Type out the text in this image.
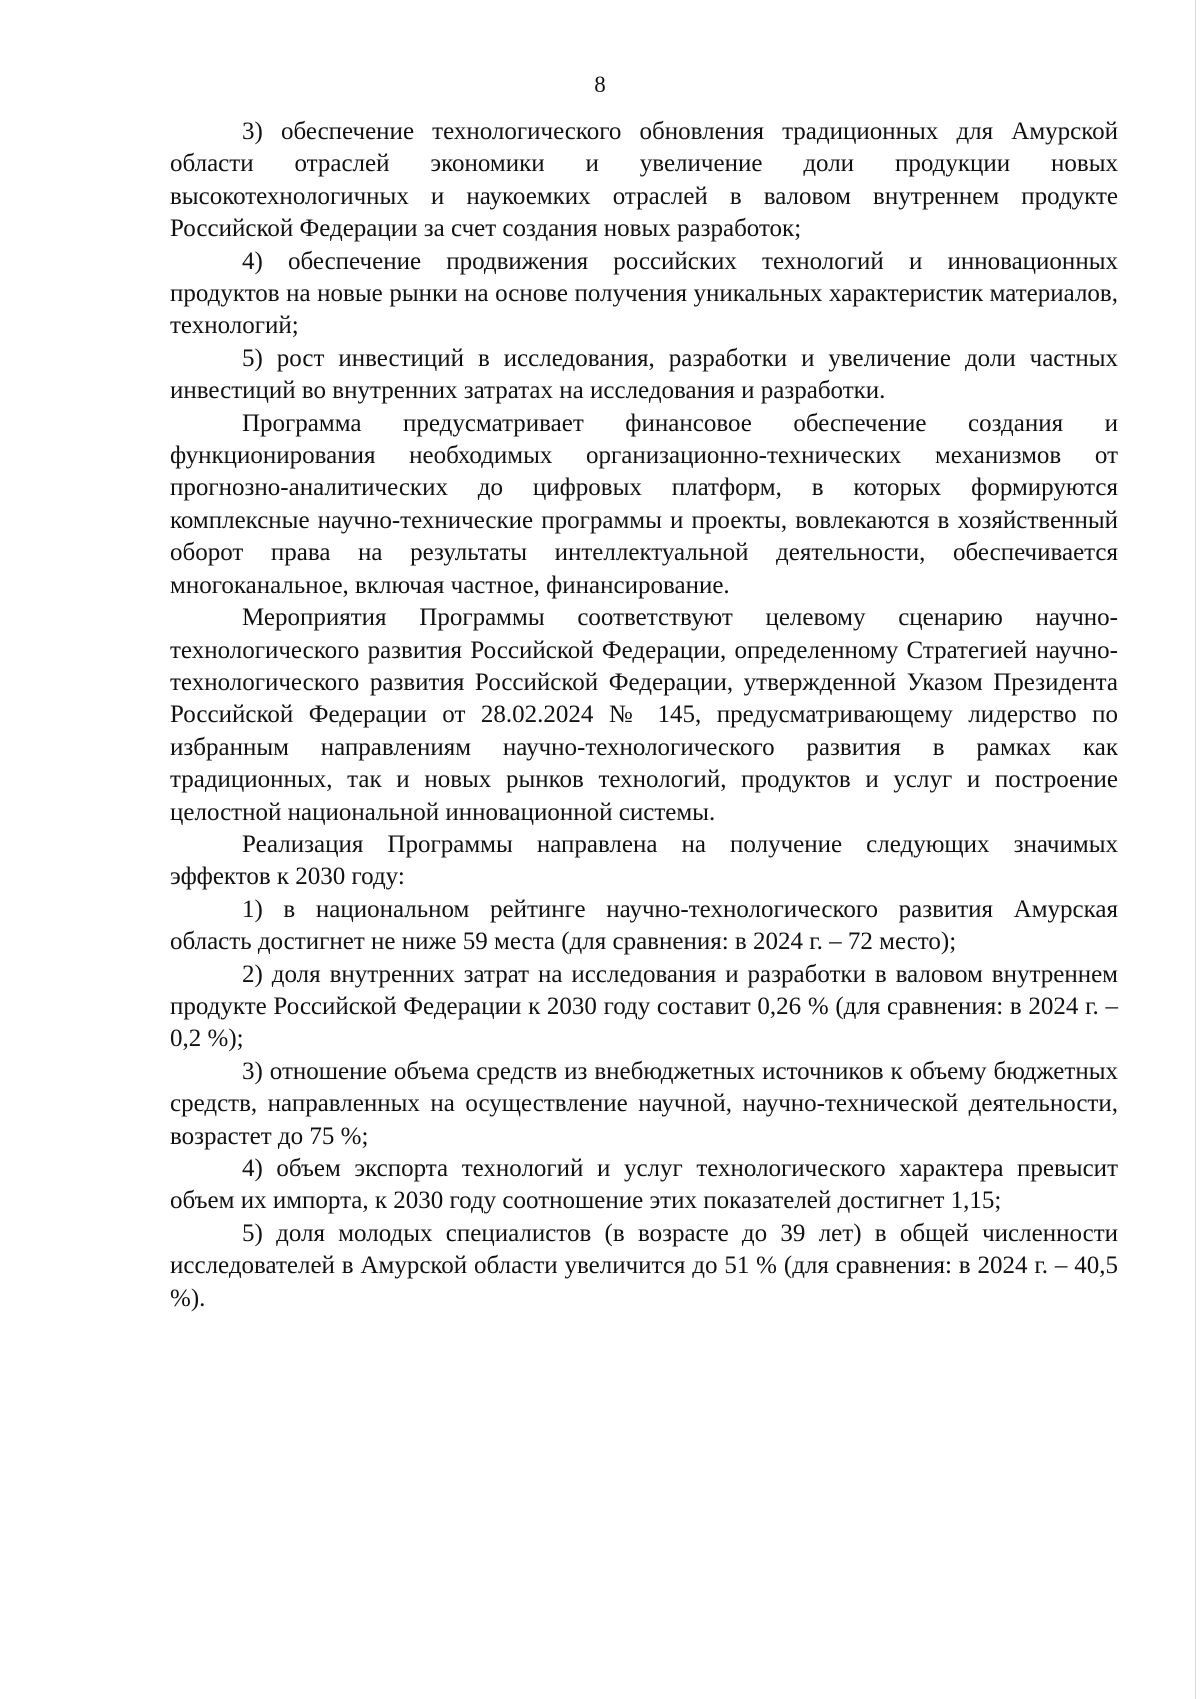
8

3) обеспечение технологического обновления традиционных для Амурской области отраслей экономики и увеличение доли продукции новых высокотехнологичных и наукоемких отраслей в валовом внутреннем продукте Российской Федерации за счет создания новых разработок;

4) обеспечение продвижения российских технологий и инновационных продуктов на новые рынки на основе получения уникальных характеристик материалов, технологий;

5) рост инвестиций в исследования, разработки и увеличение доли частных инвестиций во внутренних затратах на исследования и разработки.

Программа предусматривает финансовое обеспечение создания и функционирования необходимых организационно-технических механизмов от прогнозно-аналитических до цифровых платформ, в которых формируются комплексные научно-технические программы и проекты, вовлекаются в хозяйственный оборот права на результаты интеллектуальной деятельности, обеспечивается многоканальное, включая частное, финансирование.

Мероприятия Программы соответствуют целевому сценарию научно-технологического развития Российской Федерации, определенному Стратегией научно-технологического развития Российской Федерации, утвержденной Указом Президента Российской Федерации от 28.02.2024 № 145, предусматривающему лидерство по избранным направлениям научно-технологического развития в рамках как традиционных, так и новых рынков технологий, продуктов и услуг и построение целостной национальной инновационной системы.

Реализация Программы направлена на получение следующих значимых эффектов к 2030 году:

1) в национальном рейтинге научно-технологического развития Амурская область достигнет не ниже 59 места (для сравнения: в 2024 г. – 72 место);

2) доля внутренних затрат на исследования и разработки в валовом внутреннем продукте Российской Федерации к 2030 году составит 0,26 % (для сравнения: в 2024 г. – 0,2 %);

3) отношение объема средств из внебюджетных источников к объему бюджетных средств, направленных на осуществление научной, научно-технической деятельности, возрастет до 75 %;

4) объем экспорта технологий и услуг технологического характера превысит объем их импорта, к 2030 году соотношение этих показателей достигнет 1,15;

5) доля молодых специалистов (в возрасте до 39 лет) в общей численности исследователей в Амурской области увеличится до 51 % (для сравнения: в 2024 г. – 40,5 %).
